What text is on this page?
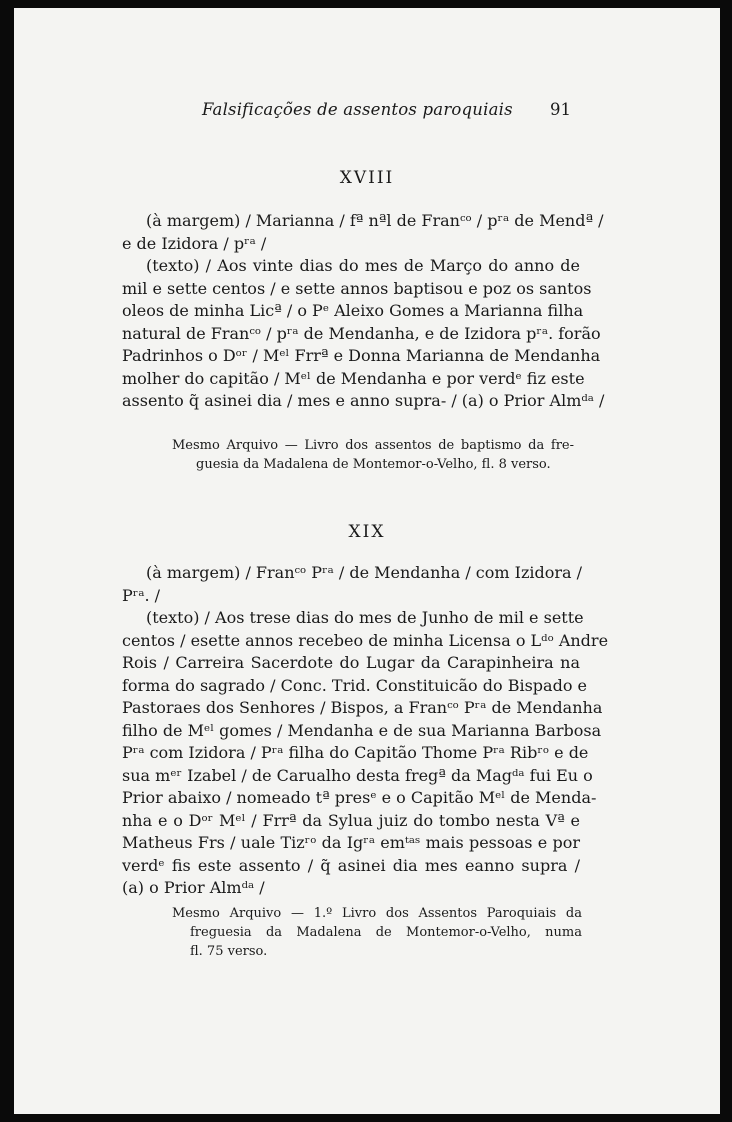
Falsificações de assentos paroquiais 91
XVIII
(à margem) / Marianna / fª nªl de Franᶜᵒ / pʳᵃ de Mendª /
e de Izidora / pʳᵃ /
(texto) / Aos vinte dias do mes de Março do anno de
mil e sette centos / e sette annos baptisou e poz os santos
oleos de minha Licª / o Pᵉ Aleixo Gomes a Marianna filha
natural de Franᶜᵒ / pʳᵃ de Mendanha, e de Izidora pʳᵃ. forão
Padrinhos o Dᵒʳ / Mᵉˡ Frrª e Donna Marianna de Mendanha
molher do capitão / Mᵉˡ de Mendanha e por verdᵉ fiz este
assento q̃ asinei dia / mes e anno supra- / (a) o Prior Almᵈᵃ /
Mesmo Arquivo — Livro dos assentos de baptismo da fre-
guesia da Madalena de Montemor-o-Velho, fl. 8 verso.
XIX
(à margem) / Franᶜᵒ Pʳᵃ / de Mendanha / com Izidora /
Pʳᵃ. /
(texto) / Aos trese dias do mes de Junho de mil e sette
centos / esette annos recebeo de minha Licensa o Lᵈᵒ Andre
Rois / Carreira Sacerdote do Lugar da Carapinheira na
forma do sagrado / Conc. Trid. Constituicão do Bispado e
Pastoraes dos Senhores / Bispos, a Franᶜᵒ Pʳᵃ de Mendanha
filho de Mᵉˡ gomes / Mendanha e de sua Marianna Barbosa
Pʳᵃ com Izidora / Pʳᵃ filha do Capitão Thome Pʳᵃ Ribʳᵒ e de
sua mᵉʳ Izabel / de Carualho desta fregª da Magᵈᵃ fui Eu o
Prior abaixo / nomeado tª presᵉ e o Capitão Mᵉˡ de Menda-
nha e o Dᵒʳ Mᵉˡ / Frrª da Sylua juiz do tombo nesta Vª e
Matheus Frs / uale Tizʳᵒ da Igʳᵃ emᵗᵃˢ mais pessoas e por
verdᵉ fis este assento / q̃ asinei dia mes eanno supra /
(a) o Prior Almᵈᵃ /
Mesmo Arquivo — 1.º Livro dos Assentos Paroquiais da
freguesia da Madalena de Montemor-o-Velho, numa
fl. 75 verso.
